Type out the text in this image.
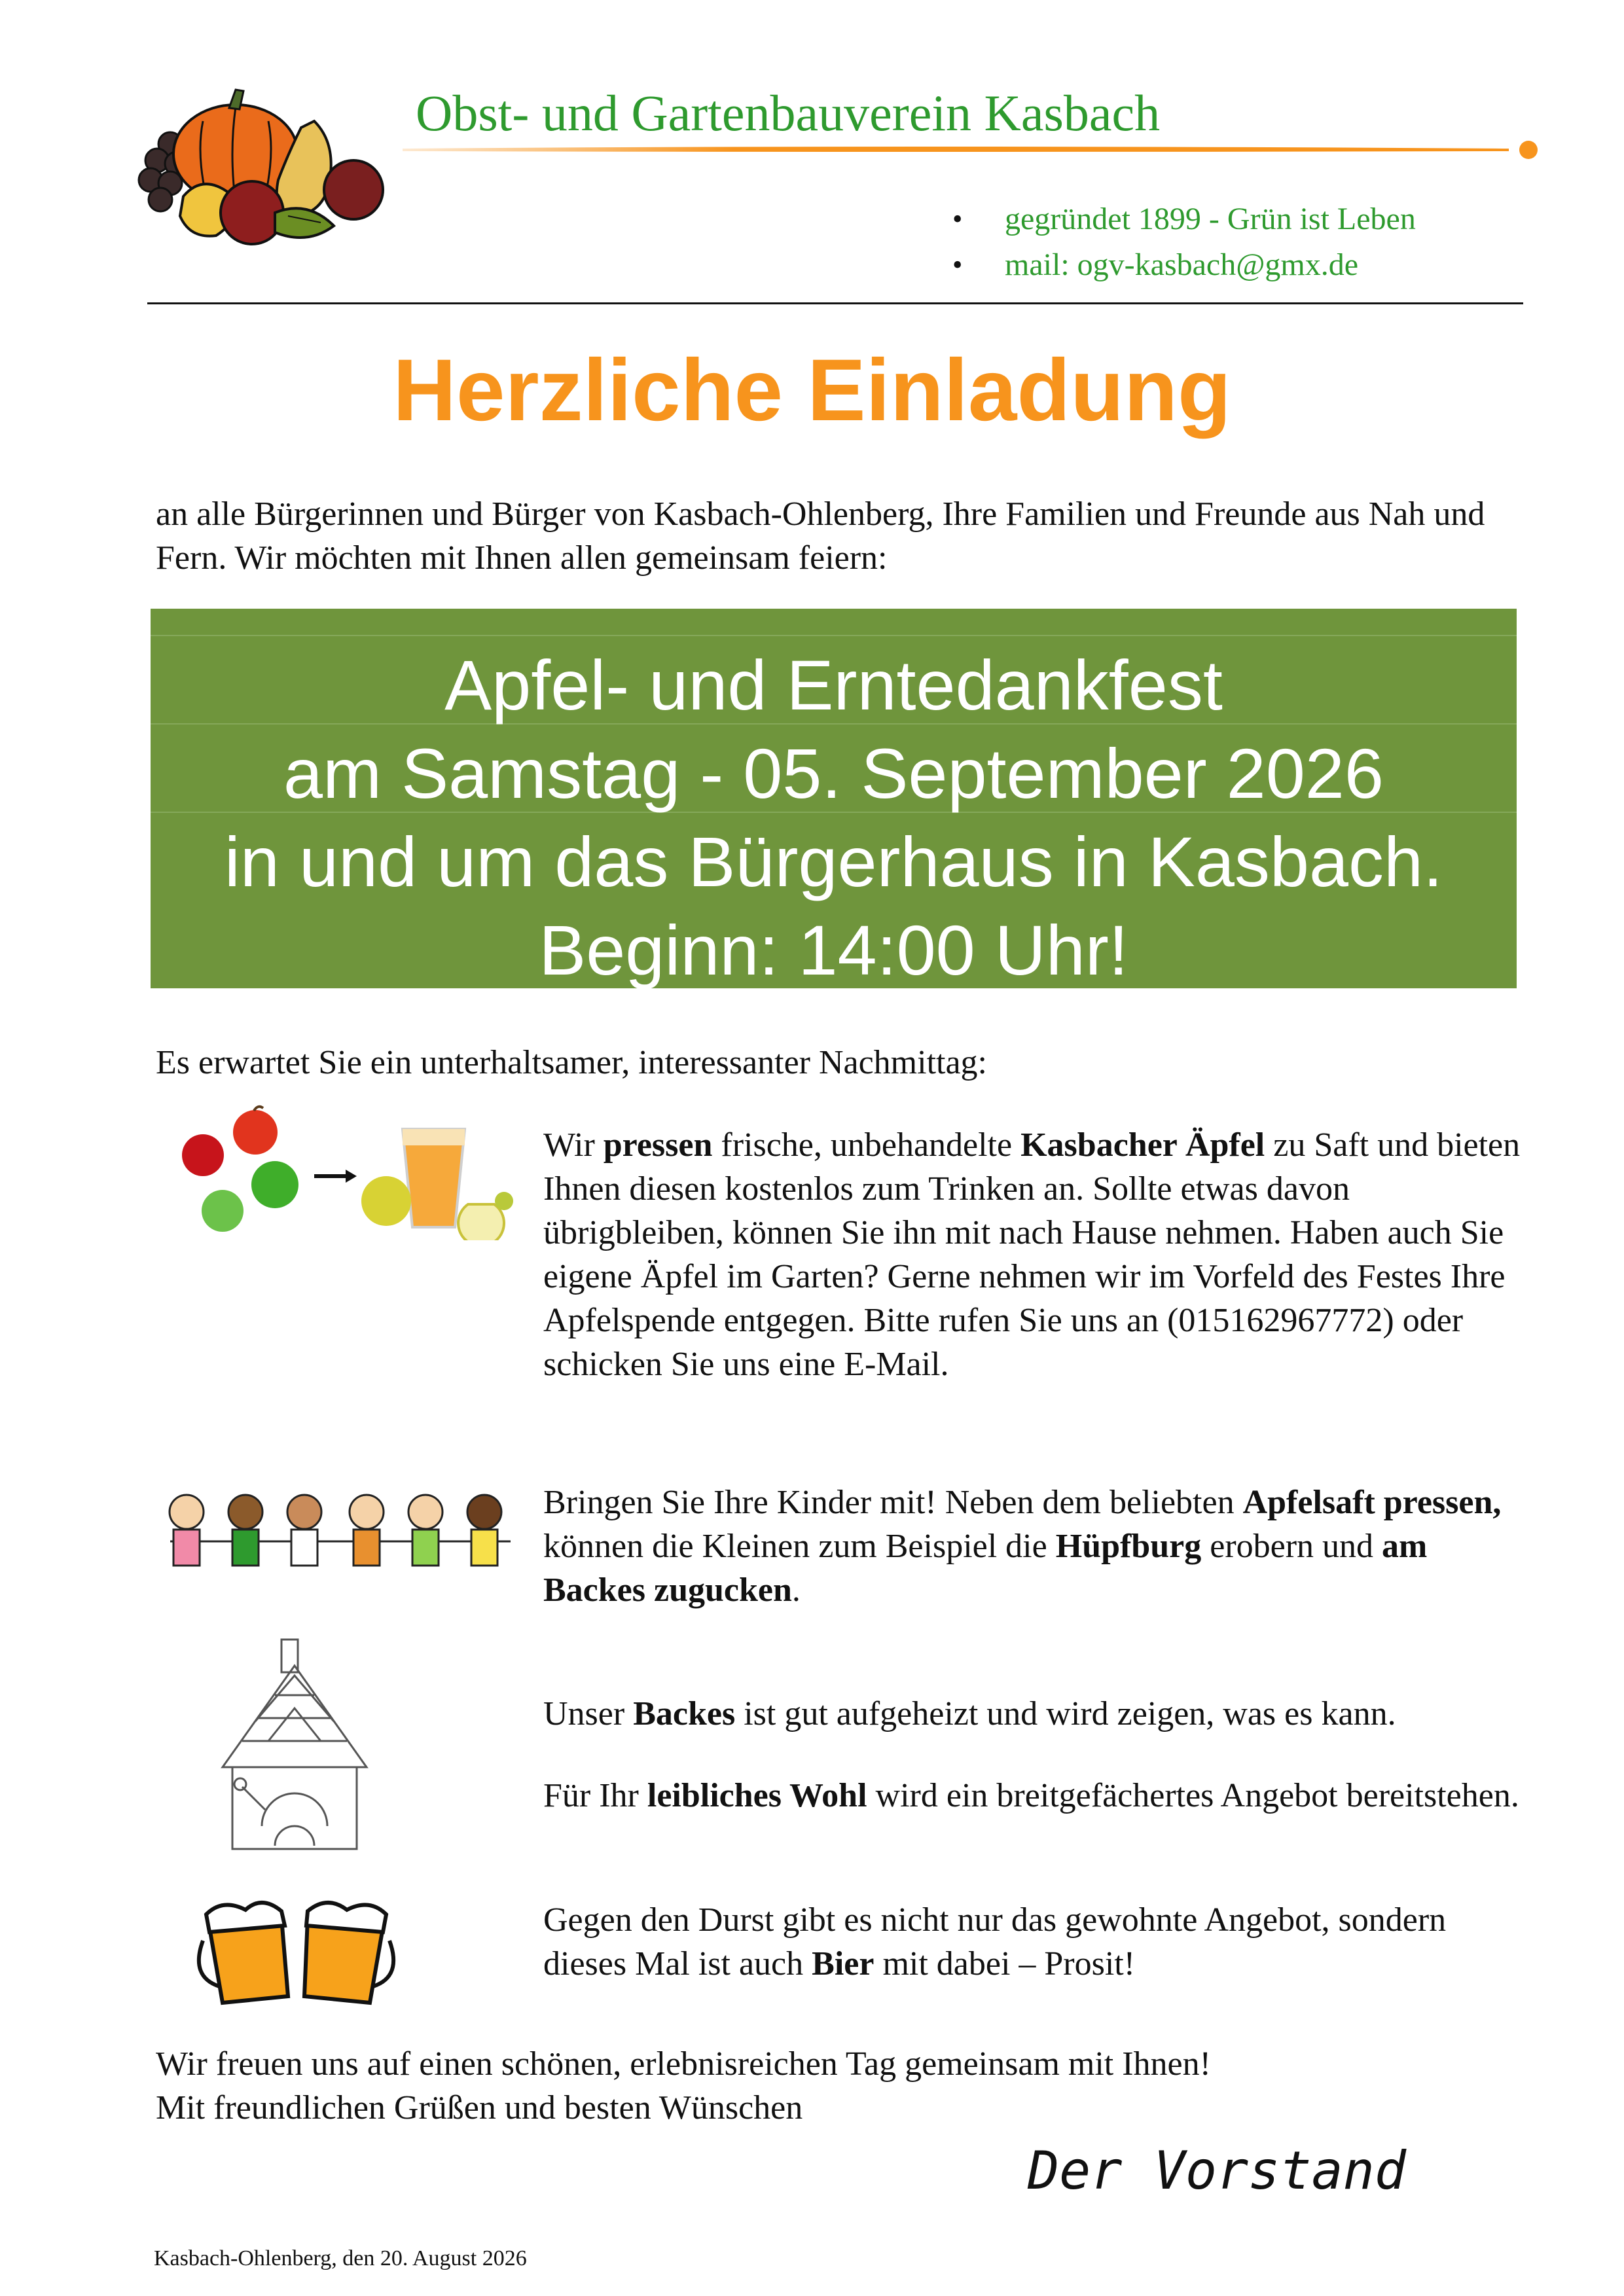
Obst- und Gartenbauverein Kasbach
• gegründet 1899 - Grün ist Leben
• mail: ogv-kasbach@gmx.de
Herzliche Einladung
an alle Bürgerinnen und Bürger von Kasbach-Ohlenberg, Ihre Familien und Freunde aus Nah und Fern. Wir möchten mit Ihnen allen gemeinsam feiern:
Apfel- und Erntedankfest
am Samstag - 05. September 2026
in und um das Bürgerhaus in Kasbach.
Beginn: 14:00 Uhr!
Es erwartet Sie ein unterhaltsamer, interessanter Nachmittag:
Wir pressen frische, unbehandelte Kasbacher Äpfel zu Saft und bieten Ihnen diesen kostenlos zum Trinken an. Sollte etwas davon übrigbleiben, können Sie ihn mit nach Hause nehmen. Haben auch Sie eigene Äpfel im Garten? Gerne nehmen wir im Vorfeld des Festes Ihre Apfelspende entgegen. Bitte rufen Sie uns an (015162967772) oder schicken Sie uns eine E-Mail.
Bringen Sie Ihre Kinder mit! Neben dem beliebten Apfelsaft pressen, können die Kleinen zum Beispiel die Hüpfburg erobern und am Backes zugucken.
Unser Backes ist gut aufgeheizt und wird zeigen, was es kann.
Für Ihr leibliches Wohl wird ein breitgefächertes Angebot bereitstehen.
Gegen den Durst gibt es nicht nur das gewohnte Angebot, sondern dieses Mal ist auch Bier mit dabei – Prosit!
Wir freuen uns auf einen schönen, erlebnisreichen Tag gemeinsam mit Ihnen!
Mit freundlichen Grüßen und besten Wünschen
Der Vorstand
Kasbach-Ohlenberg, den 20. August 2026
